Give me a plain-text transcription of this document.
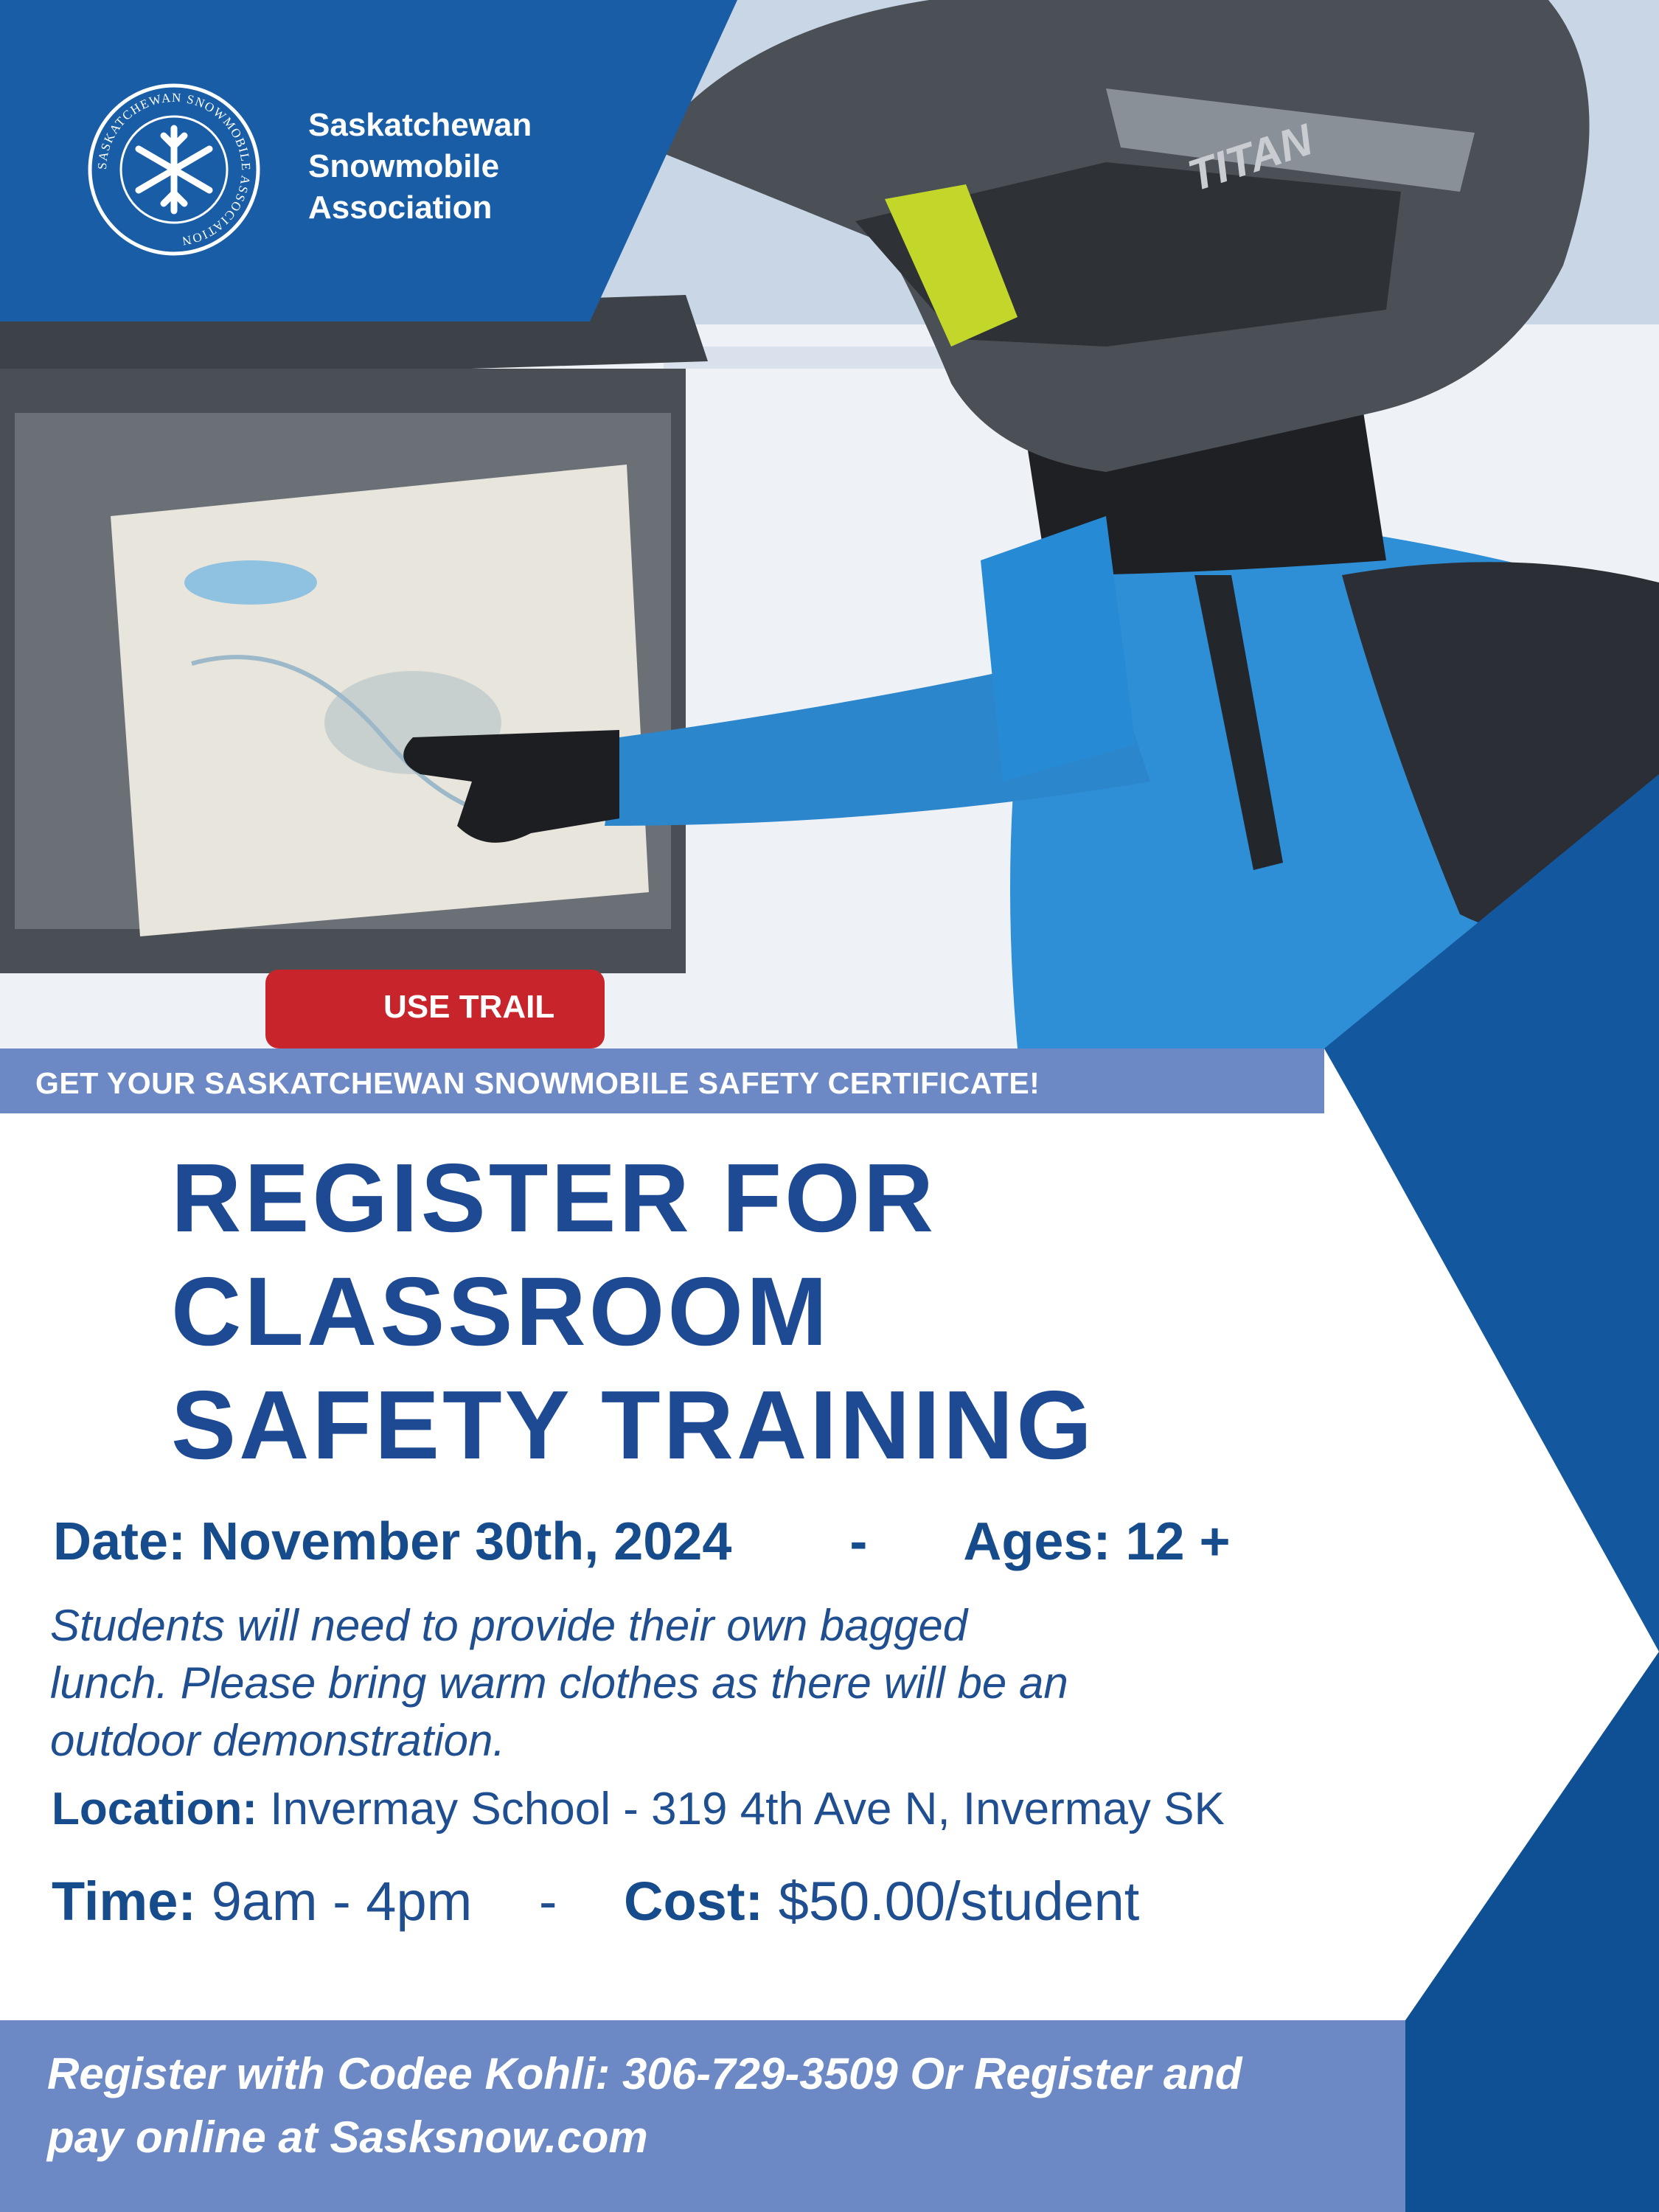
USE TRAIL
TITAN
SASKATCHEWAN SNOWMOBILE ASSOCIATION
Saskatchewan
Snowmobile
Association
GET YOUR SASKATCHEWAN SNOWMOBILE SAFETY CERTIFICATE!
REGISTER FOR
CLASSROOM
SAFETY TRAINING
Date: November 30th, 2024 - Ages: 12 +
Students will need to provide their own bagged
lunch. Please bring warm clothes as there will be an
outdoor demonstration.
Location: Invermay School - 319 4th Ave N, Invermay SK
Time: 9am - 4pm - Cost: $50.00/student
Register with Codee Kohli: 306-729-3509 Or Register and
pay online at Sasksnow.com
